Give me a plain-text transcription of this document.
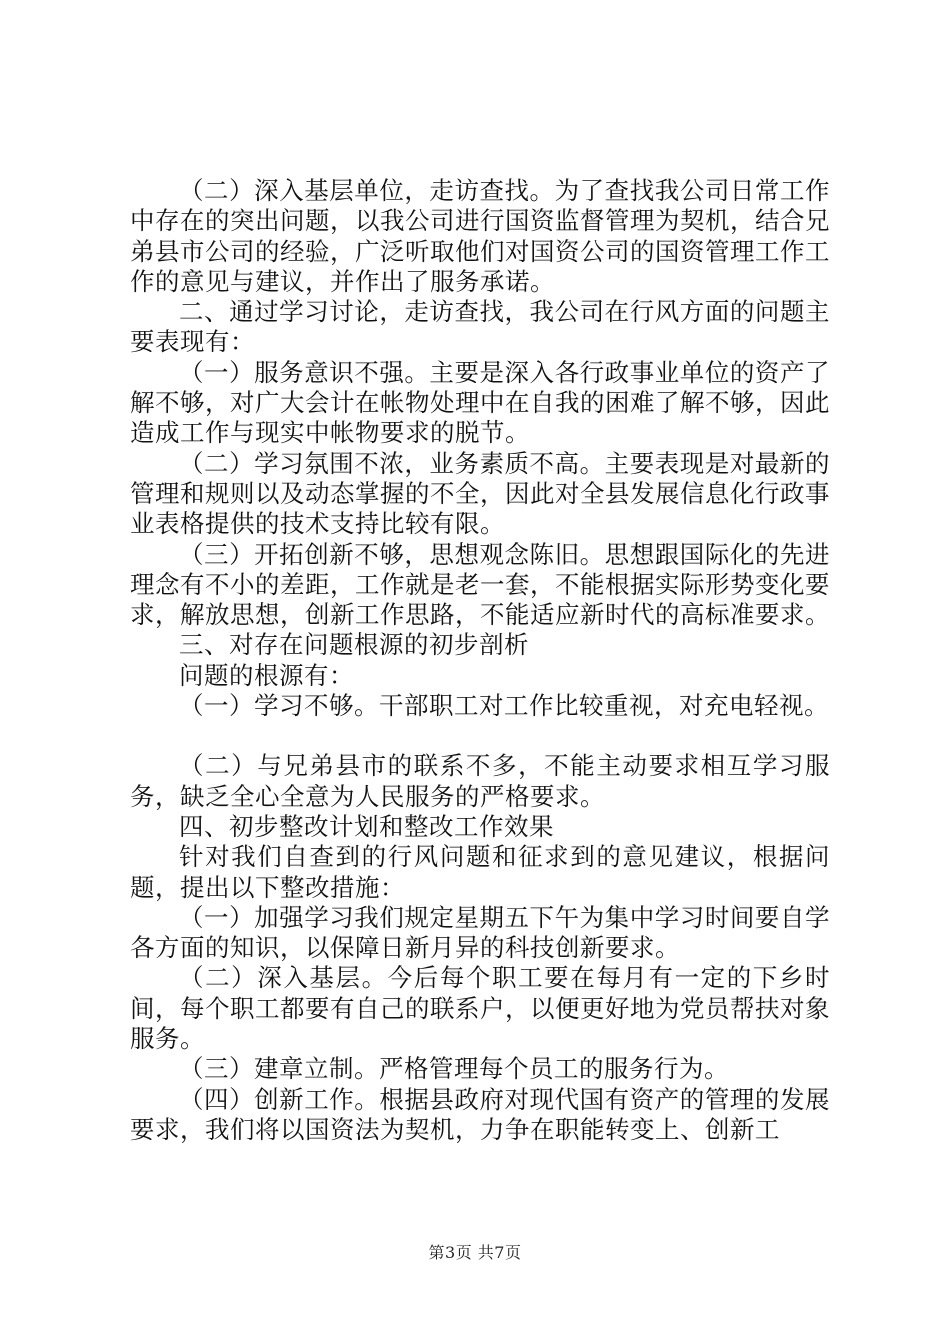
（二）深入基层单位，走访查找。为了查找我公司日常工作中存在的突出问题，以我公司进行国资监督管理为契机，结合兄弟县市公司的经验，广泛听取他们对国资公司的国资管理工作工作的意见与建议，并作出了服务承诺。

二、通过学习讨论，走访查找，我公司在行风方面的问题主要表现有：

（一）服务意识不强。主要是深入各行政事业单位的资产了解不够，对广大会计在帐物处理中在自我的困难了解不够，因此造成工作与现实中帐物要求的脱节。

（二）学习氛围不浓，业务素质不高。主要表现是对最新的管理和规则以及动态掌握的不全，因此对全县发展信息化行政事业表格提供的技术支持比较有限。

（三）开拓创新不够，思想观念陈旧。思想跟国际化的先进理念有不小的差距，工作就是老一套，不能根据实际形势变化要求，解放思想，创新工作思路，不能适应新时代的高标准要求。

三、对存在问题根源的初步剖析

问题的根源有：

（一）学习不够。干部职工对工作比较重视，对充电轻视。

（二）与兄弟县市的联系不多，不能主动要求相互学习服务，缺乏全心全意为人民服务的严格要求。

四、初步整改计划和整改工作效果

针对我们自查到的行风问题和征求到的意见建议，根据问题，提出以下整改措施：

（一）加强学习我们规定星期五下午为集中学习时间要自学各方面的知识，以保障日新月异的科技创新要求。

（二）深入基层。今后每个职工要在每月有一定的下乡时间，每个职工都要有自己的联系户，以便更好地为党员帮扶对象服务。

（三）建章立制。严格管理每个员工的服务行为。

（四）创新工作。根据县政府对现代国有资产的管理的发展要求，我们将以国资法为契机，力争在职能转变上、创新工

第3页 共7页
